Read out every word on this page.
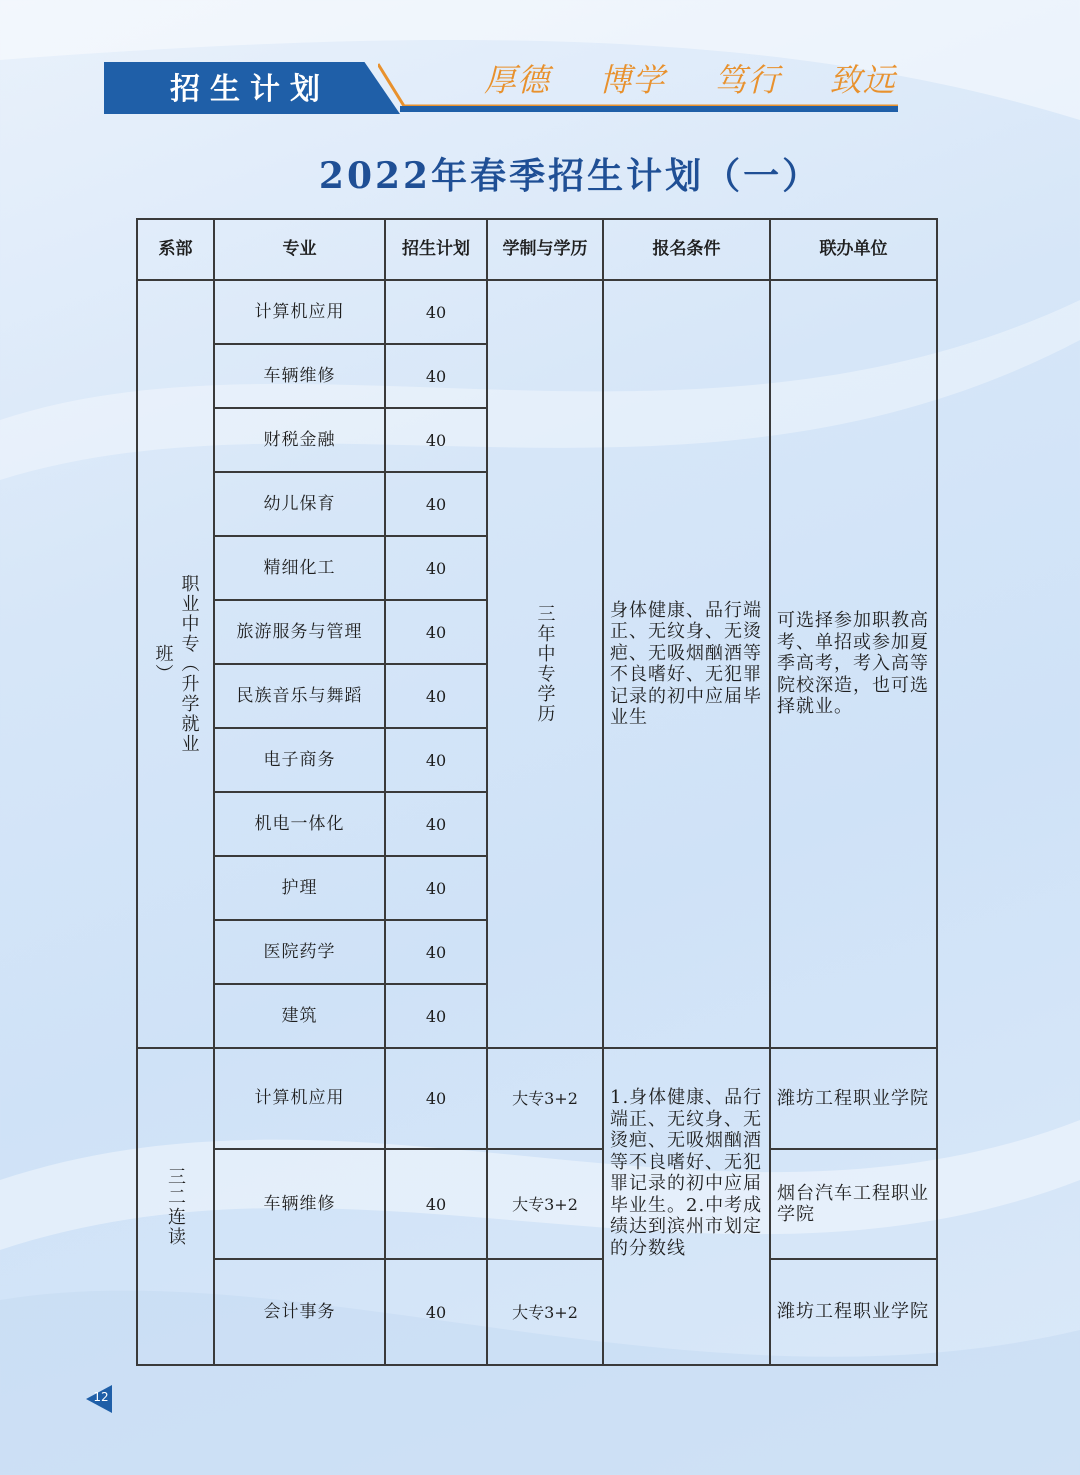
招生计划	厚德 博学 笃行 致远
2022年春季招生计划（一）
系部	专业	招生计划	学制与学历	报名条件	联办单位

职业中专（升学就业班）	计算机应用	40	三年中专学历	身体健康、品行端正、无纹身、无烫疤、无吸烟酗酒等不良嗜好、无犯罪记录的初中应届毕业生	可选择参加职教高考、单招或参加夏季高考，考入高等院校深造，也可选择就业。

	车辆维修	40			
	财税金融	40			
	幼儿保育	40			
	精细化工	40			
	旅游服务与管理	40			
	民族音乐与舞蹈	40			
	电子商务	40			
	机电一体化	40			
	护理	40			
	医院药学	40			
	建筑	40			

三二连读	计算机应用	40	大专3+2	1.身体健康、品行端正、无纹身、无烫疤、无吸烟酗酒等不良嗜好、无犯罪记录的初中应届毕业生。2.中考成绩达到滨州市划定的分数线	潍坊工程职业学院

	车辆维修	40	大专3+2		烟台汽车工程职业学院

	会计事务	40	大专3+2		潍坊工程职业学院
12
